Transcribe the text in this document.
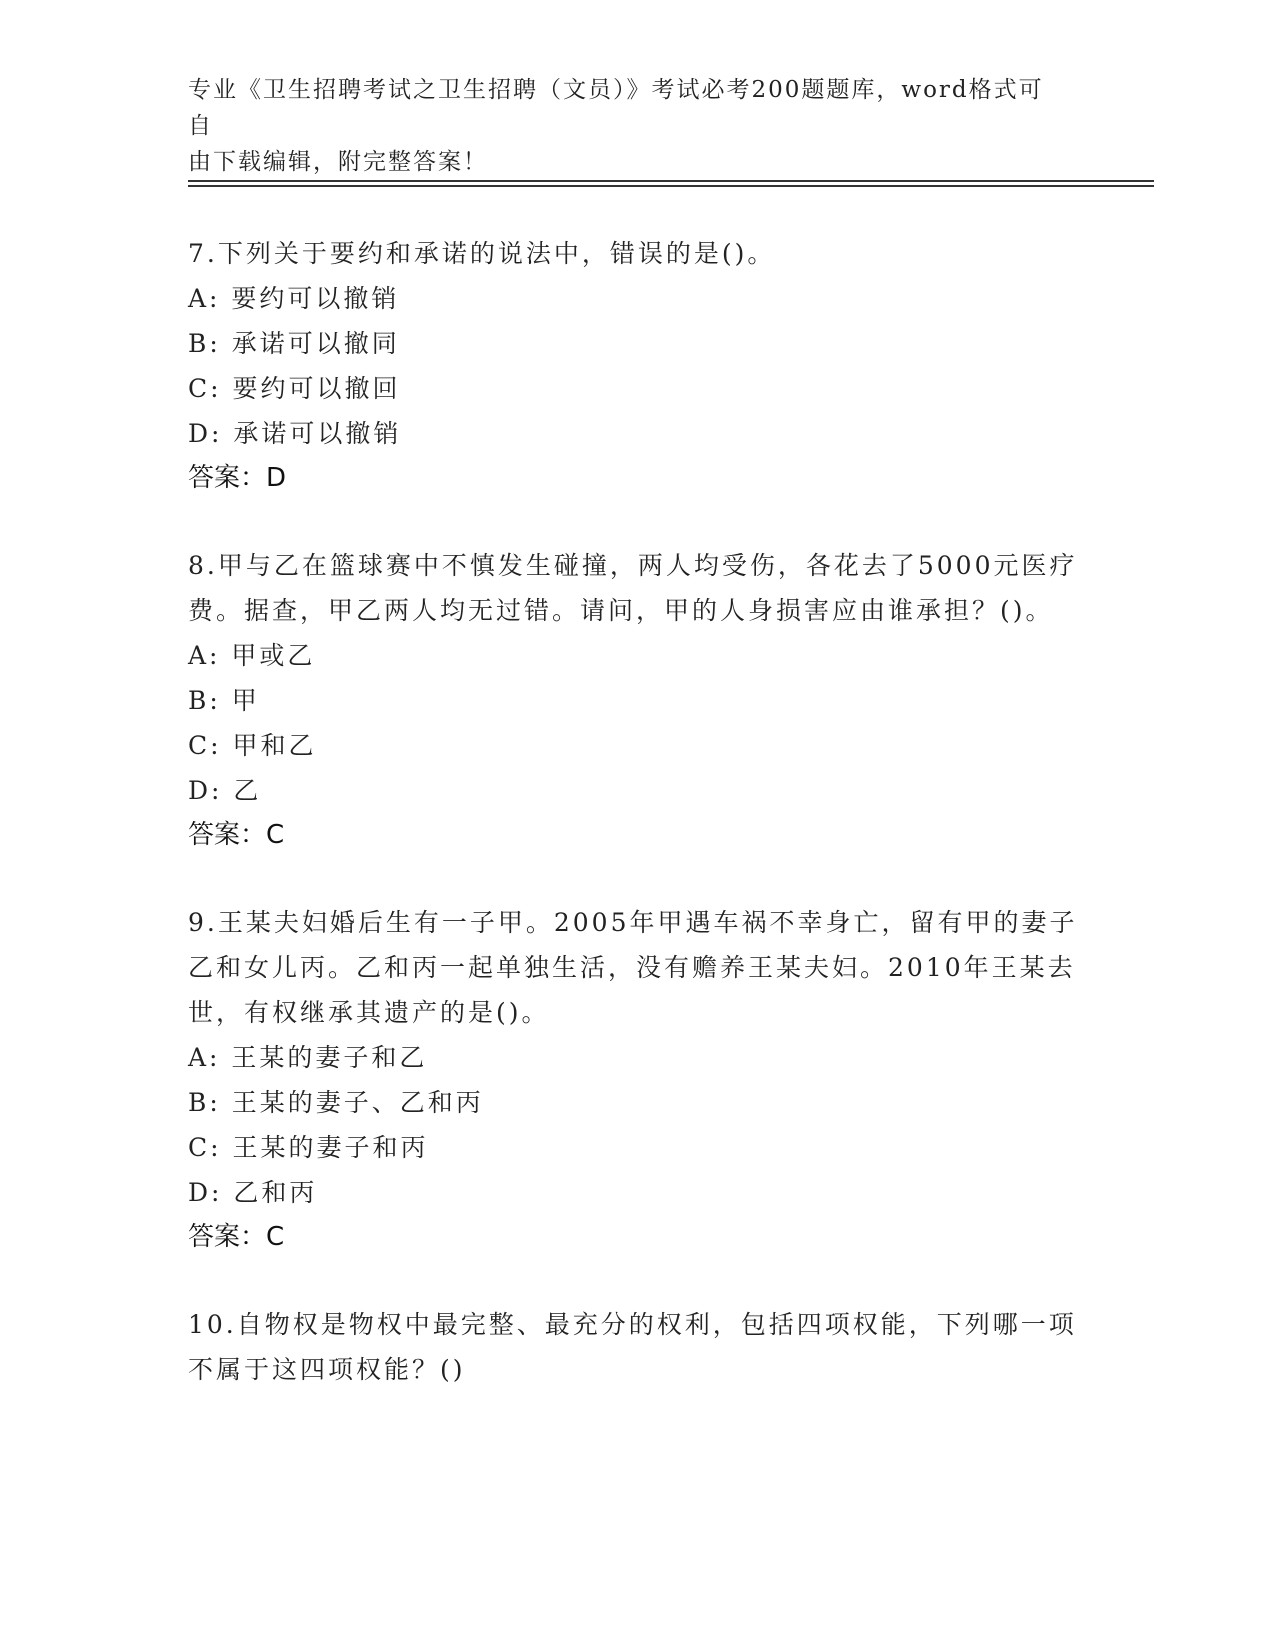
专业《卫生招聘考试之卫生招聘（文员）》考试必考200题题库，word格式可自
由下载编辑，附完整答案！

7.下列关于要约和承诺的说法中，错误的是()。

A: 要约可以撤销

B: 承诺可以撤同

C: 要约可以撤回

D: 承诺可以撤销

答案：D

8.甲与乙在篮球赛中不慎发生碰撞，两人均受伤，各花去了5000元医疗费。据查，甲乙两人均无过错。请问，甲的人身损害应由谁承担？()。

A: 甲或乙

B: 甲

C: 甲和乙

D: 乙

答案：C

9.王某夫妇婚后生有一子甲。2005年甲遇车祸不幸身亡，留有甲的妻子乙和女儿丙。乙和丙一起单独生活，没有赡养王某夫妇。2010年王某去世，有权继承其遗产的是()。

A: 王某的妻子和乙

B: 王某的妻子、乙和丙

C: 王某的妻子和丙

D: 乙和丙

答案：C

10.自物权是物权中最完整、最充分的权利，包括四项权能，下列哪一项不属于这四项权能？()
